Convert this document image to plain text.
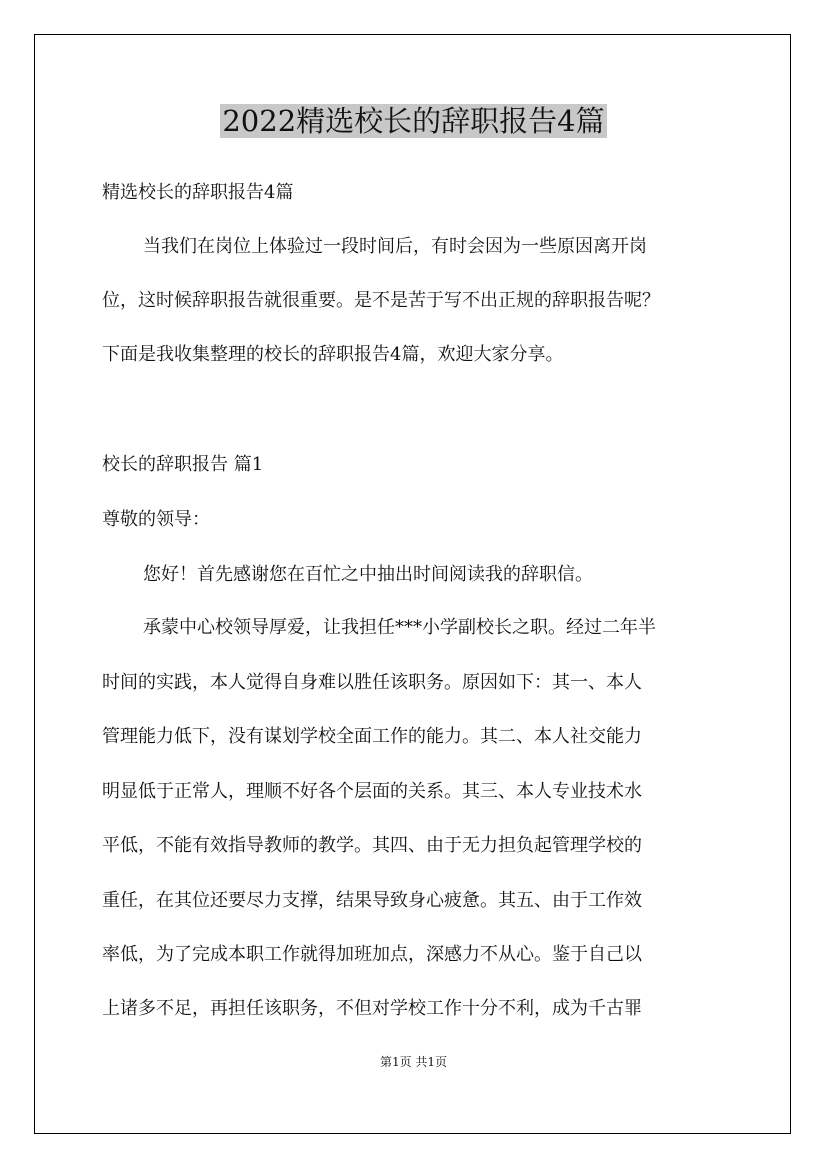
2022精选校长的辞职报告4篇
精选校长的辞职报告4篇
当我们在岗位上体验过一段时间后，有时会因为一些原因离开岗
位，这时候辞职报告就很重要。是不是苦于写不出正规的辞职报告呢？
下面是我收集整理的校长的辞职报告4篇，欢迎大家分享。
校长的辞职报告 篇1
尊敬的领导：
您好！首先感谢您在百忙之中抽出时间阅读我的辞职信。
承蒙中心校领导厚爱，让我担任***小学副校长之职。经过二年半
时间的实践，本人觉得自身难以胜任该职务。原因如下：其一、本人
管理能力低下，没有谋划学校全面工作的能力。其二、本人社交能力
明显低于正常人，理顺不好各个层面的关系。其三、本人专业技术水
平低，不能有效指导教师的教学。其四、由于无力担负起管理学校的
重任，在其位还要尽力支撑，结果导致身心疲惫。其五、由于工作效
率低，为了完成本职工作就得加班加点，深感力不从心。鉴于自己以
上诸多不足，再担任该职务，不但对学校工作十分不利，成为千古罪
第1页 共1页
